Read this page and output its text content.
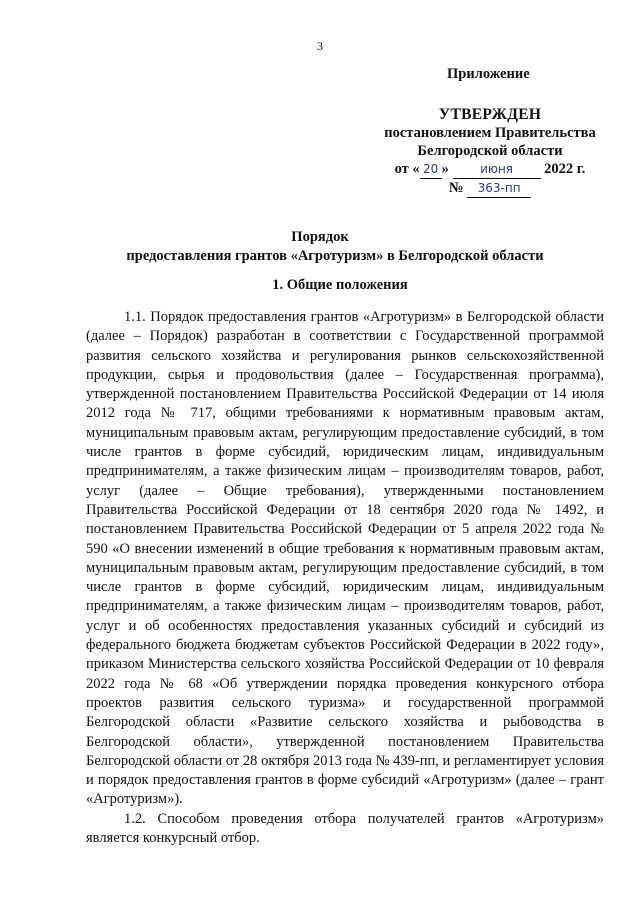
3
Приложение
УТВЕРЖДЕН
постановлением Правительства
Белгородской области
от « 20 »	июня 2022 г.
№ 363-пп
Порядок
предоставления грантов «Агротуризм» в Белгородской области
1. Общие положения

1.1. Порядок предоставления грантов «Агротуризм» в Белгородской области (далее – Порядок) разработан в соответствии с Государственной программой развития сельского хозяйства и регулирования рынков сельскохозяйственной продукции, сырья и продовольствия (далее – Государственная программа), утвержденной постановлением Правительства Российской Федерации от 14 июля 2012 года № 717, общими требованиями к нормативным правовым актам, муниципальным правовым актам, регулирующим предоставление субсидий, в том числе грантов в форме субсидий, юридическим лицам, индивидуальным предпринимателям, а также физическим лицам – производителям товаров, работ, услуг (далее – Общие требования), утвержденными постановлением Правительства Российской Федерации от 18 сентября 2020 года № 1492, и постановлением Правительства Российской Федерации от 5 апреля 2022 года № 590 «О внесении изменений в общие требования к нормативным правовым актам, муниципальным правовым актам, регулирующим предоставление субсидий, в том числе грантов в форме субсидий, юридическим лицам, индивидуальным предпринимателям, а также физическим лицам – производителям товаров, работ, услуг и об особенностях предоставления указанных субсидий и субсидий из федерального бюджета бюджетам субъектов Российской Федерации в 2022 году», приказом Министерства сельского хозяйства Российской Федерации от 10 февраля 2022 года № 68 «Об утверждении порядка проведения конкурсного отбора проектов развития сельского туризма» и государственной программой Белгородской области «Развитие сельского хозяйства и рыбоводства в Белгородской области», утвержденной постановлением Правительства Белгородской области от 28 октября 2013 года № 439-пп, и регламентирует условия и порядок предоставления грантов в форме субсидий «Агротуризм» (далее – грант «Агротуризм»).

1.2. Способом проведения отбора получателей грантов «Агротуризм» является конкурсный отбор.
